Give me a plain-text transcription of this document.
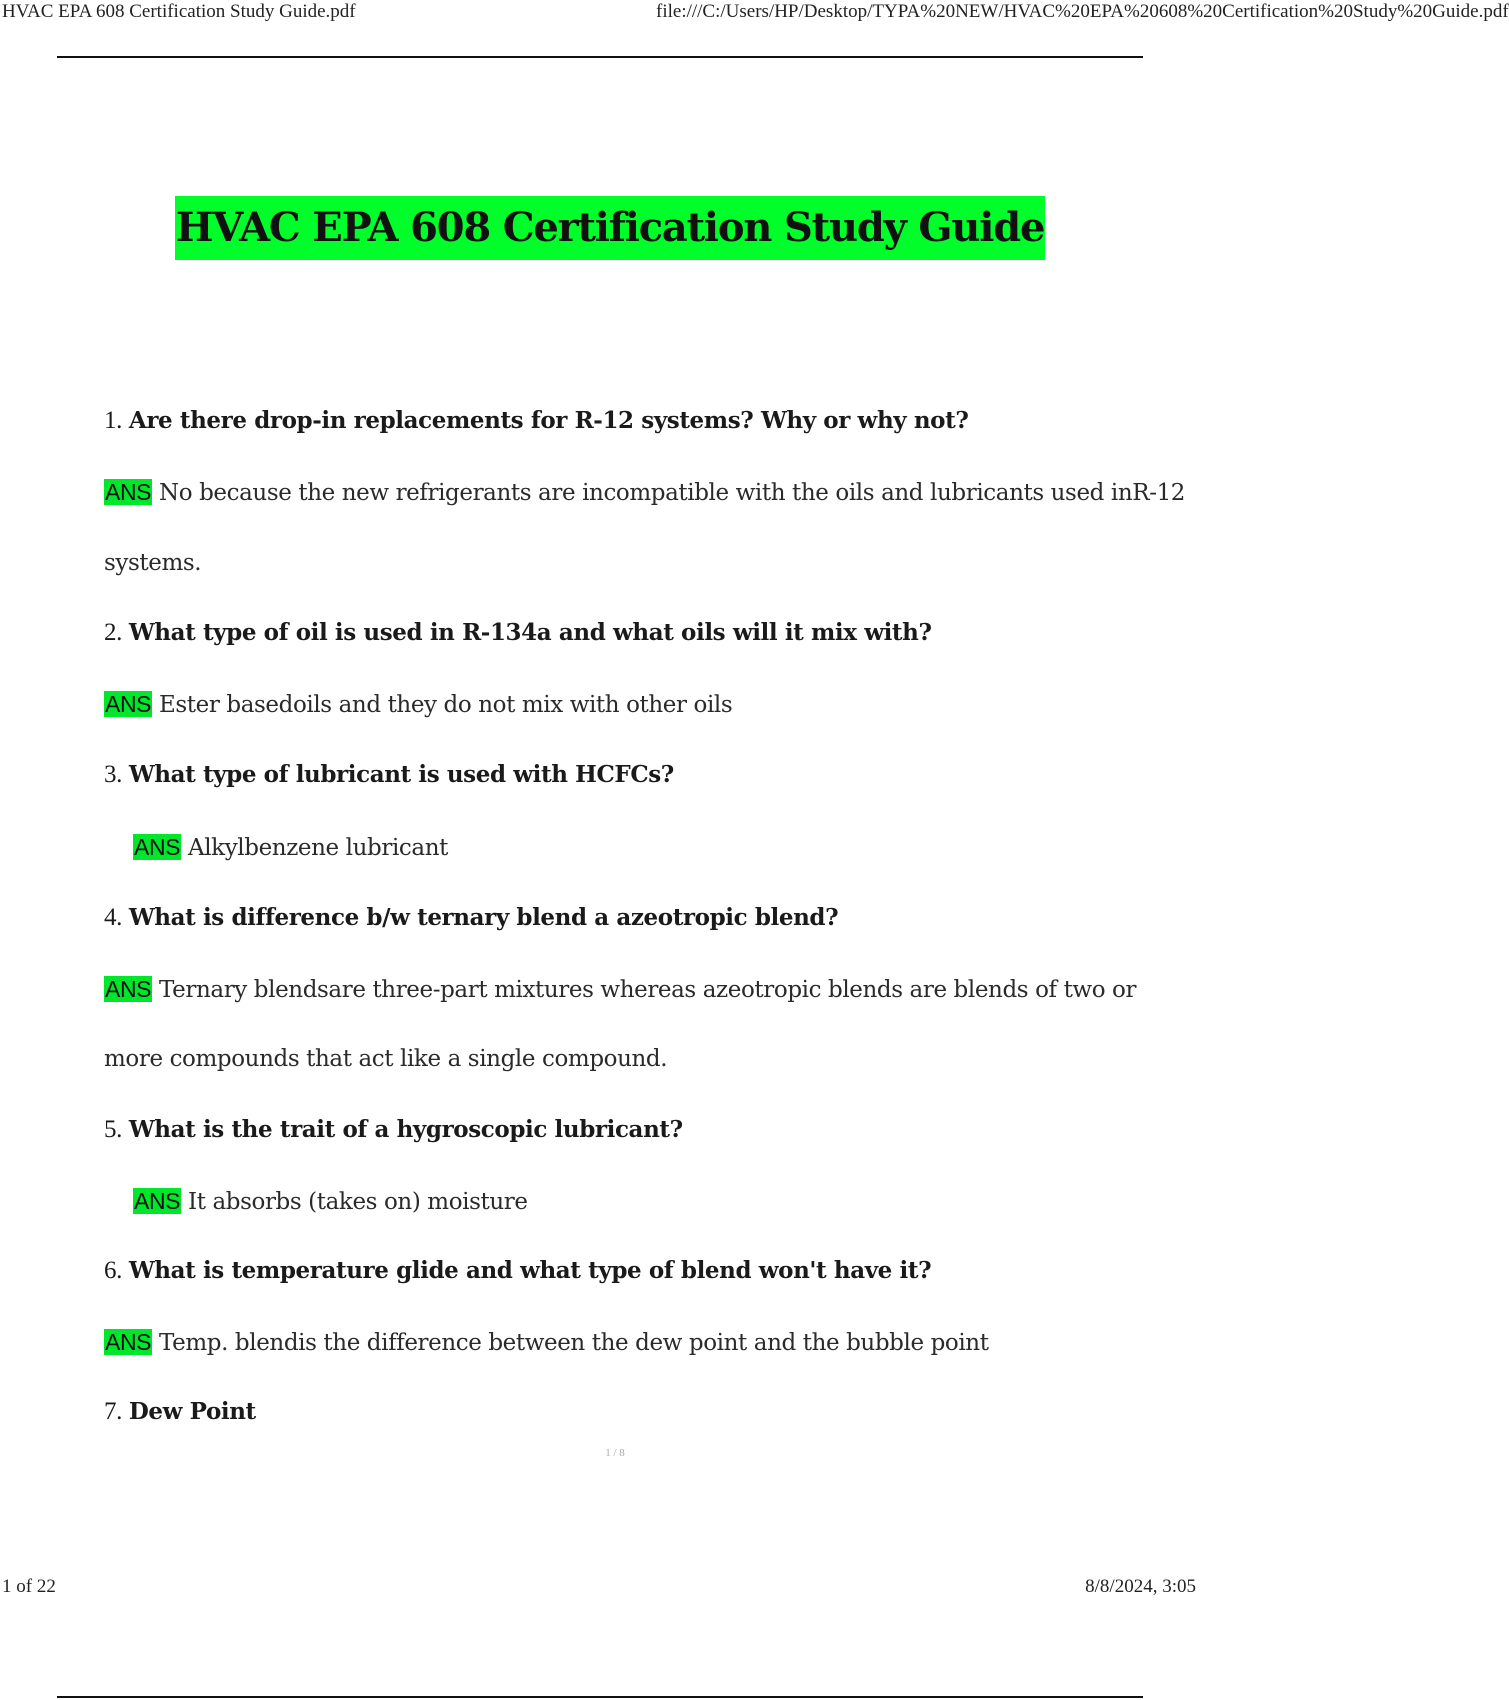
HVAC EPA 608 Certification Study Guide.pdf	file:///C:/Users/HP/Desktop/TYPA%20NEW/HVAC%20EPA%20608%20Certification%20Study%20Guide.pdf
HVAC EPA 608 Certification Study Guide
1. Are there drop-in replacements for R-12 systems? Why or why not?
ANS No because the new refrigerants are incompatible with the oils and lubricants used inR-12
systems.
2. What type of oil is used in R-134a and what oils will it mix with?
ANS Ester basedoils and they do not mix with other oils
3. What type of lubricant is used with HCFCs?
ANS Alkylbenzene lubricant
4. What is difference b/w ternary blend a azeotropic blend?
ANS Ternary blendsare three-part mixtures whereas azeotropic blends are blends of two or
more compounds that act like a single compound.
5. What is the trait of a hygroscopic lubricant?
ANS It absorbs (takes on) moisture
6. What is temperature glide and what type of blend won't have it?
ANS Temp. blendis the difference between the dew point and the bubble point
7. Dew Point
1 / 8
1 of 22	8/8/2024, 3:05
